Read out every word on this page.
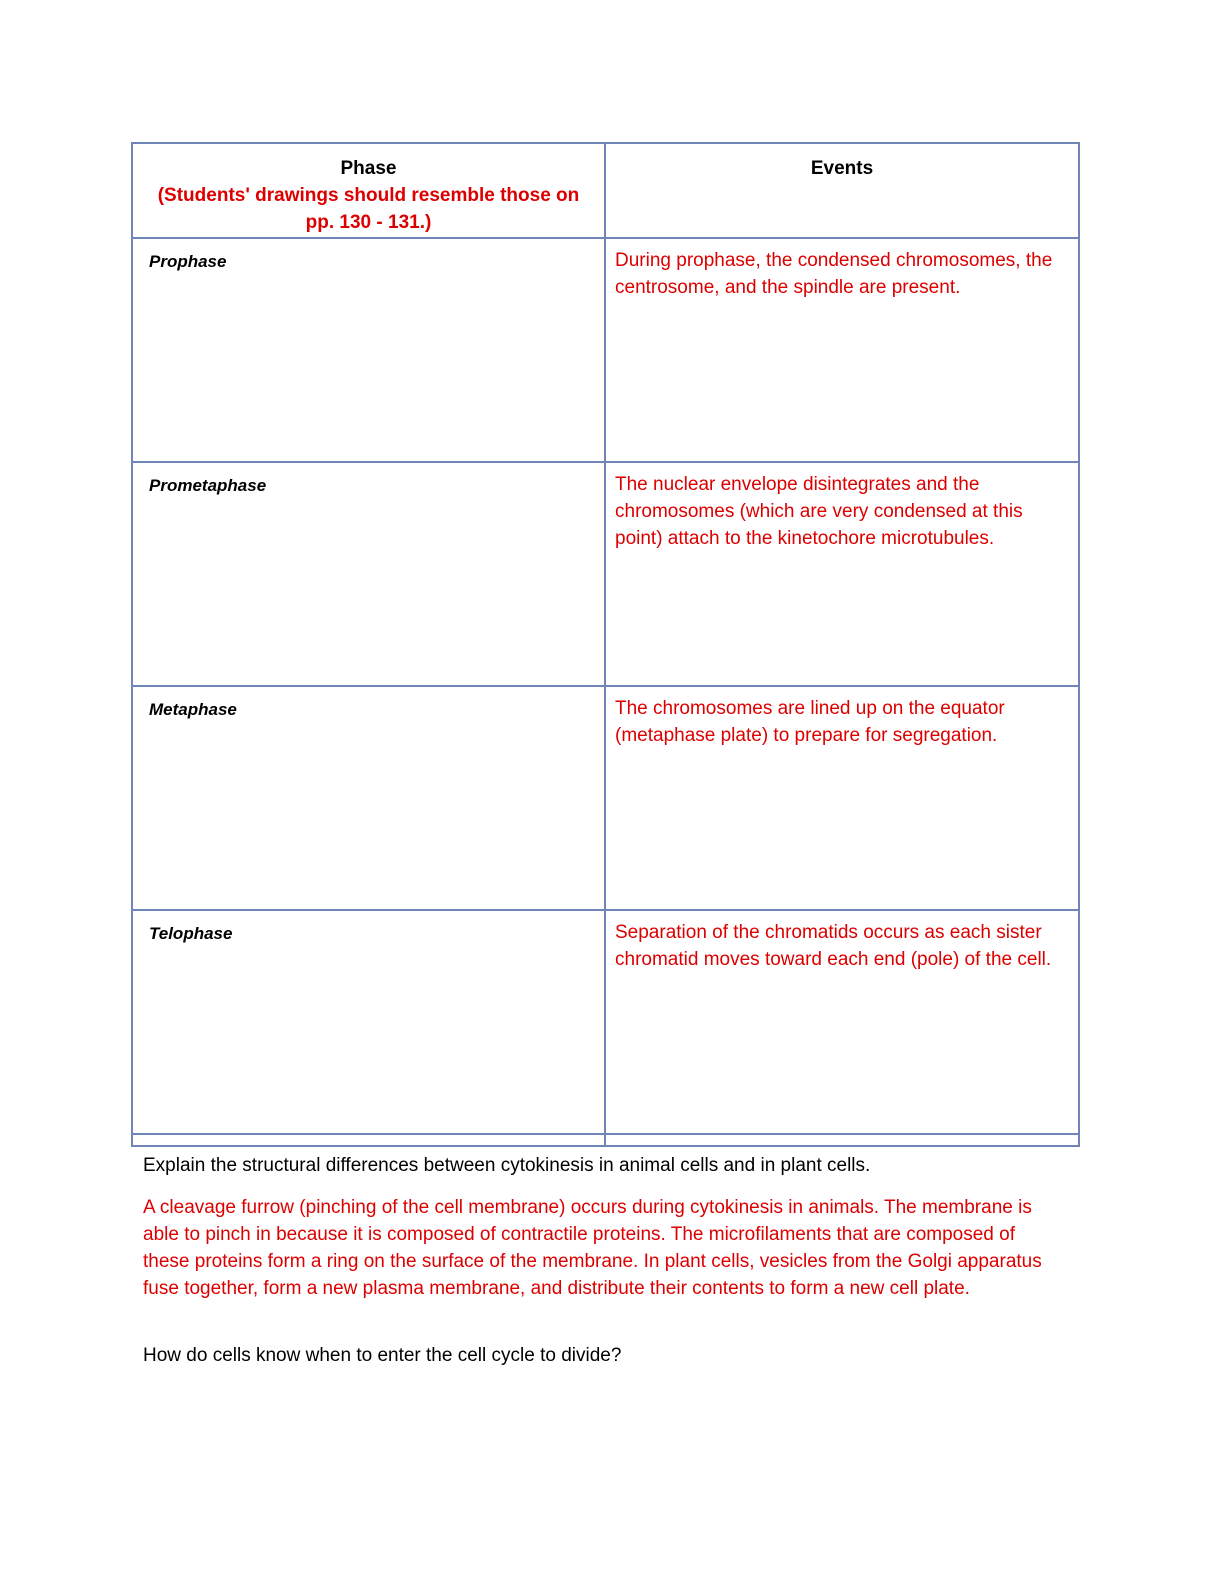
Phase
(Students' drawings should resemble those on pp. 130 - 131.)	Events
Prophase	During prophase, the condensed chromosomes, the centrosome, and the spindle are present.
Prometaphase	The nuclear envelope disintegrates and the chromosomes (which are very condensed at this point) attach to the kinetochore microtubules.
Metaphase	The chromosomes are lined up on the equator (metaphase plate) to prepare for segregation.
Telophase	Separation of the chromatids occurs as each sister chromatid moves toward each end (pole) of the cell.

Explain the structural differences between cytokinesis in animal cells and in plant cells.

A cleavage furrow (pinching of the cell membrane) occurs during cytokinesis in animals. The membrane is able to pinch in because it is composed of contractile proteins. The microfilaments that are composed of these proteins form a ring on the surface of the membrane. In plant cells, vesicles from the Golgi apparatus fuse together, form a new plasma membrane, and distribute their contents to form a new cell plate.

How do cells know when to enter the cell cycle to divide?
